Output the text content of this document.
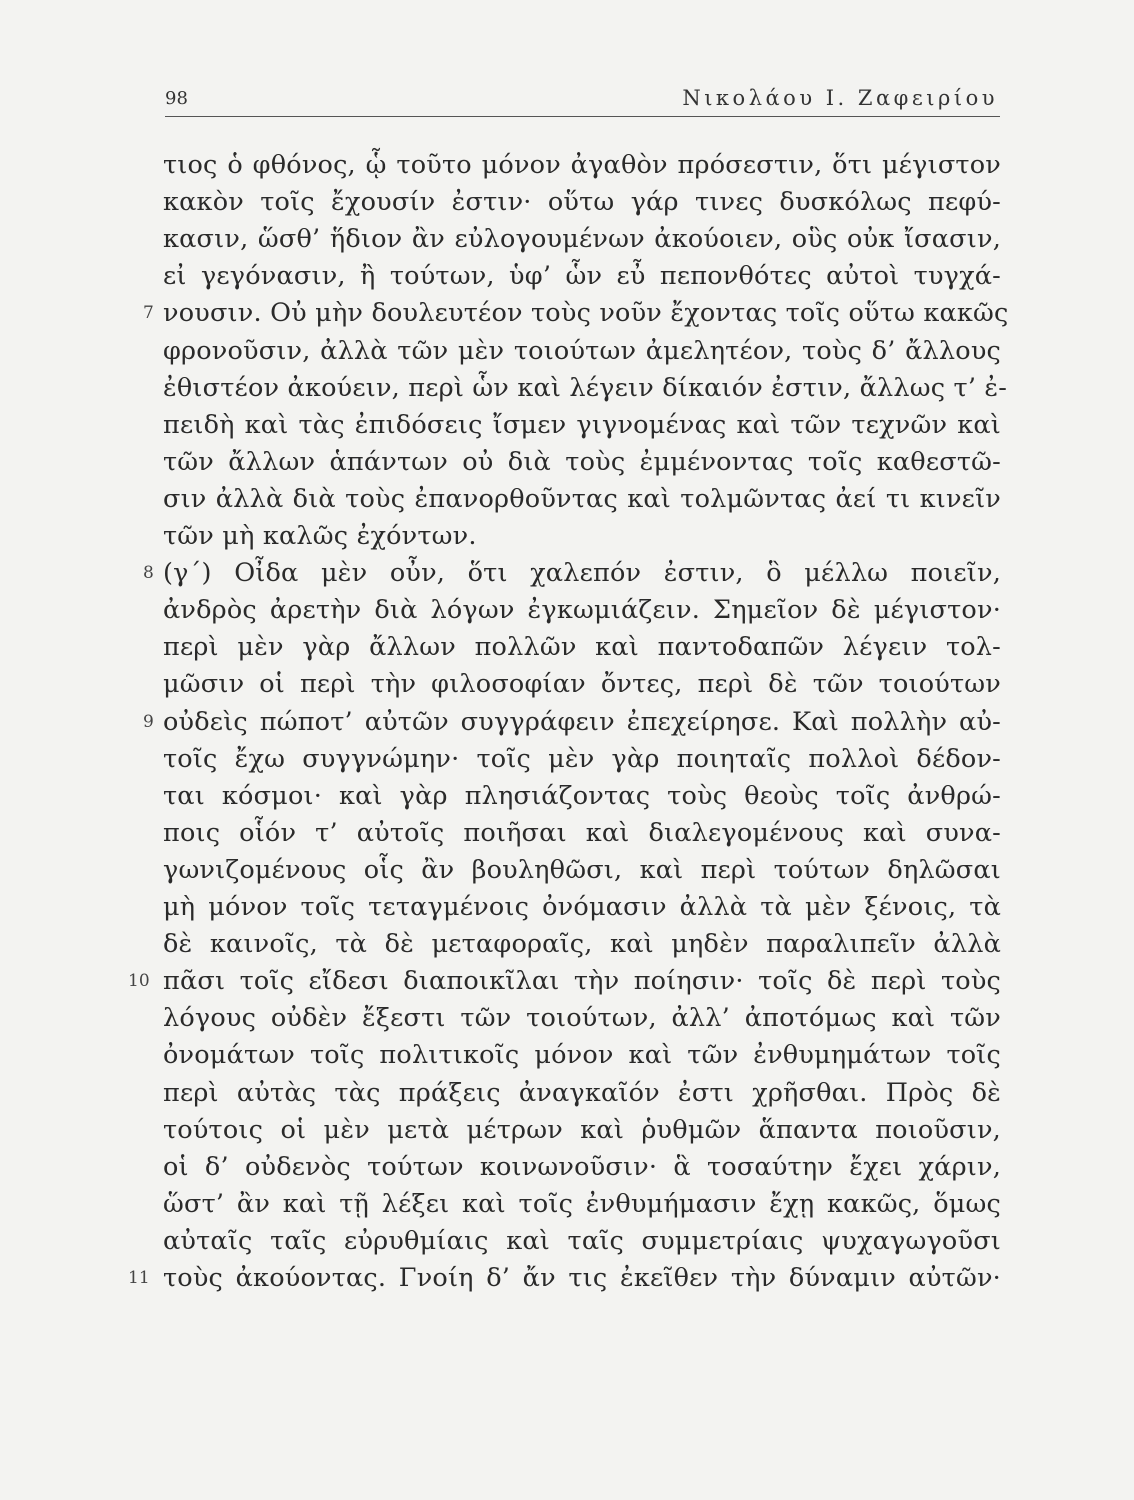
98	Νικολάου Ι. Ζαφειρίου
τιος ὁ φθόνος, ᾧ τοῦτο μόνον ἀγαθὸν πρόσεστιν, ὅτι μέγιστον
κακὸν τοῖς ἔχουσίν ἐστιν· οὕτω γάρ τινες δυσκόλως πεφύ-
κασιν, ὥσθ’ ἥδιον ἂν εὐλογουμένων ἀκούοιεν, οὓς οὐκ ἴσασιν,
εἰ γεγόνασιν, ἢ τούτων, ὑφ’ ὧν εὖ πεπονθότες αὐτοὶ τυγχά-
νουσιν. Οὐ μὴν δουλευτέον τοὺς νοῦν ἔχοντας τοῖς οὕτω κακῶς
7
φρονοῦσιν, ἀλλὰ τῶν μὲν τοιούτων ἀμελητέον, τοὺς δ’ ἄλλους
ἐθιστέον ἀκούειν, περὶ ὧν καὶ λέγειν δίκαιόν ἐστιν, ἄλλως τ’ ἐ-
πειδὴ καὶ τὰς ἐπιδόσεις ἴσμεν γιγνομένας καὶ τῶν τεχνῶν καὶ
τῶν ἄλλων ἁπάντων οὐ διὰ τοὺς ἐμμένοντας τοῖς καθεστῶ-
σιν ἀλλὰ διὰ τοὺς ἐπανορθοῦντας καὶ τολμῶντας ἀεί τι κινεῖν
τῶν μὴ καλῶς ἐχόντων.
(γ΄) Οἶδα μὲν οὖν, ὅτι χαλεπόν ἐστιν, ὃ μέλλω ποιεῖν,
8
ἀνδρὸς ἀρετὴν διὰ λόγων ἐγκωμιάζειν. Σημεῖον δὲ μέγιστον·
περὶ μὲν γὰρ ἄλλων πολλῶν καὶ παντοδαπῶν λέγειν τολ-
μῶσιν οἱ περὶ τὴν φιλοσοφίαν ὄντες, περὶ δὲ τῶν τοιούτων
οὐδεὶς πώποτ’ αὐτῶν συγγράφειν ἐπεχείρησε. Καὶ πολλὴν αὐ-
9
τοῖς ἔχω συγγνώμην· τοῖς μὲν γὰρ ποιηταῖς πολλοὶ δέδον-
ται κόσμοι· καὶ γὰρ πλησιάζοντας τοὺς θεοὺς τοῖς ἀνθρώ-
ποις οἷόν τ’ αὐτοῖς ποιῆσαι καὶ διαλεγομένους καὶ συνα-
γωνιζομένους οἷς ἂν βουληθῶσι, καὶ περὶ τούτων δηλῶσαι
μὴ μόνον τοῖς τεταγμένοις ὀνόμασιν ἀλλὰ τὰ μὲν ξένοις, τὰ
δὲ καινοῖς, τὰ δὲ μεταφοραῖς, καὶ μηδὲν παραλιπεῖν ἀλλὰ
πᾶσι τοῖς εἴδεσι διαποικῖλαι τὴν ποίησιν· τοῖς δὲ περὶ τοὺς
10
λόγους οὐδὲν ἔξεστι τῶν τοιούτων, ἀλλ’ ἀποτόμως καὶ τῶν
ὀνομάτων τοῖς πολιτικοῖς μόνον καὶ τῶν ἐνθυμημάτων τοῖς
περὶ αὐτὰς τὰς πράξεις ἀναγκαῖόν ἐστι χρῆσθαι. Πρὸς δὲ
τούτοις οἱ μὲν μετὰ μέτρων καὶ ῥυθμῶν ἅπαντα ποιοῦσιν,
οἱ δ’ οὐδενὸς τούτων κοινωνοῦσιν· ἃ τοσαύτην ἔχει χάριν,
ὥστ’ ἂν καὶ τῇ λέξει καὶ τοῖς ἐνθυμήμασιν ἔχῃ κακῶς, ὅμως
αὐταῖς ταῖς εὐρυθμίαις καὶ ταῖς συμμετρίαις ψυχαγωγοῦσι
τοὺς ἀκούοντας. Γνοίη δ’ ἄν τις ἐκεῖθεν τὴν δύναμιν αὐτῶν·
11
